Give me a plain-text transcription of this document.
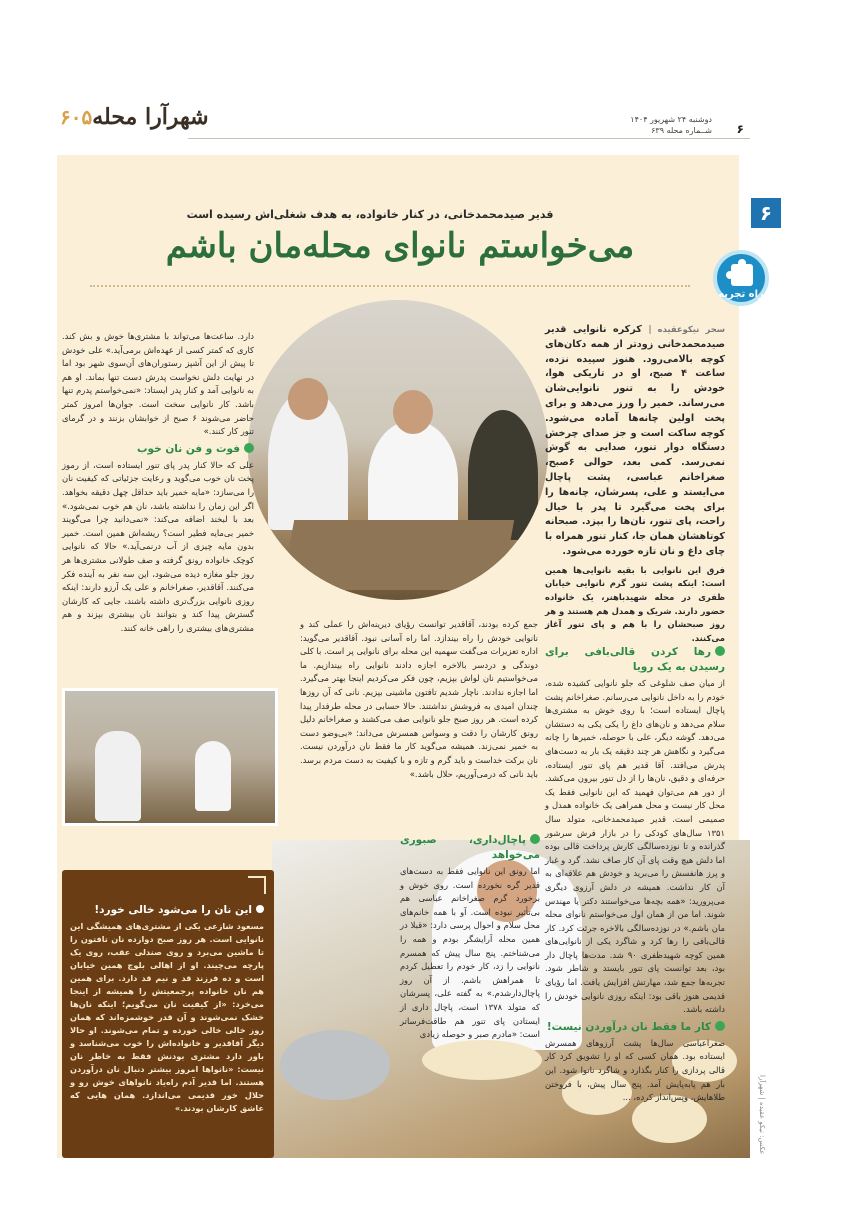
شهرآرا محله۶۰۵	دوشنبه ۲۴ شهریور ۱۴۰۴
شــماره محله ۶۳۹ ۶
۶
راه تجربه
قدیر صیدمحمدخانی، در کنار خانواده، به هدف شغلی‌اش رسیده است
می‌خواستم نانوای محله‌مان باشم

سحر نیکوعقیده | کرکره نانوایی قدیر صیدمحمدخانی زودتر از همه دکان‌های کوچه بالامی‌رود. هنوز سپیده نزده، ساعت ۴ صبح، او در تاریکی هوا، خودش را به تنور نانوایی‌شان می‌رساند. خمیر را ورز می‌دهد و برای پخت اولین چانه‌ها آماده می‌شود. کوچه ساکت است و جز صدای چرخش دستگاه دوار تنور، صدایی به گوش نمی‌رسد. کمی بعد، حوالی ۶صبح، صغراخانم عباسی، پشت پاچال می‌ایستد و علی، پسرشان، چانه‌ها را برای پخت می‌گیرد تا پدر با خیال راحت، پای تنور، نان‌ها را بپزد. صبحانه کوتاهشان همان جا، کنار تنور همراه با چای داغ و نان تازه خورده می‌شود.

فرق این نانوایی با بقیه نانوایی‌ها همین است: اینکه پشت تنور گرم نانوایی خیابان ظفری در محله شهیدباهنر، یک خانواده حضور دارند. شریک و همدل هم هستند و هر روز صبحشان را با هم و پای تنور آغاز می‌کنند.

دارد. ساعت‌ها می‌تواند با مشتری‌ها خوش و بش کند. کاری که کمتر کسی از عهده‌اش برمی‌آید.» علی خودش تا پیش از این آشپز رستوران‌های آن‌سوی شهر بود اما در نهایت دلش نخواست پدرش دست تنها بماند. او هم به نانوایی آمد و کنار پدر ایستاد: «نمی‌خواستم پدرم تنها باشد. کار نانوایی سخت است. جوان‌ها امروز کمتر حاضر می‌شوند ۶ صبح از خوابشان بزنند و در گرمای تنور کار کنند.»

فوت و فن نان خوب

علی که حالا کنار پدر پای تنور ایستاده است، از رموز پخت نان خوب می‌گوید و رعایت جزئیاتی که کیفیت نان را می‌سازد: «مایه خمیر باید حداقل چهل دقیقه بخواهد. اگر این زمان را نداشته باشد، نان هم خوب نمی‌شود.» بعد با لبخند اضافه می‌کند: «نمی‌دانید چرا می‌گویند خمیر بی‌مایه فطیر است؟ ریشه‌اش همین است. خمیر بدون مایه چیزی از آب درنمی‌آید.» حالا که نانوایی کوچک خانواده رونق گرفته و صف طولانی مشتری‌ها هر روز جلو مغازه دیده می‌شود، این سه نفر به آینده فکر می‌کنند. آقاقدیر، صغراخانم و علی یک آرزو دارند: اینکه روزی نانوایی بزرگ‌تری داشته باشند، جایی که کارشان گسترش پیدا کند و بتوانند نان بیشتری بپزند و هم مشتری‌های بیشتری را راهی خانه کنند.

رها کردن قالی‌بافی برای رسیدن به یک رویا

از میان صف شلوغی که جلو نانوایی کشیده شده، خودم را به داخل نانوایی می‌رسانم. صغراخانم پشت پاچال ایستاده است؛ با روی خوش به مشتری‌ها سلام می‌دهد و نان‌های داغ را یکی یکی به دستشان می‌دهد. گوشه دیگر، علی با حوصله، خمیرها را چانه می‌گیرد و نگاهش هر چند دقیقه یک بار به دست‌های پدرش می‌افتد. آقا قدیر هم پای تنور ایستاده، حرفه‌ای و دقیق، نان‌ها را از دل تنور بیرون می‌کشد. از دور هم می‌توان فهمید که این نانوایی فقط یک محل کار نیست و محل همراهی یک خانواده همدل و صمیمی است. قدیر صیدمحمدخانی، متولد سال ۱۳۵۱ سال‌های کودکی را در بازار فرش سرشور گذرانده و تا نوزده‌سالگی کارش پرداخت قالی بوده اما دلش هیچ وقت پای آن کار صاف نشد. گرد و غبار و پرز هانفسش را می‌برید و خودش هم علاقه‌ای به آن کار نداشت. همیشه در دلش آرزوی دیگری می‌پرورید: «همه بچه‌ها می‌خواستند دکتر یا مهندس شوند. اما من از همان اول می‌خواستم نانوای محله مان باشم.» در نوزده‌سالگی بالاخره جرئت کرد. کار قالی‌بافی را رها کرد و شاگرد یکی از نانوایی‌های همین کوچه شهیدظفری ۹۰ شد. مدت‌ها پاچال دار بود، بعد توانست پای تنور بایستد و شاطر شود. تجربه‌ها جمع شد، مهارتش افزایش یافت. اما رؤیای قدیمی هنوز باقی بود: اینکه روزی نانوایی خودش را داشته باشد.

کار ما فقط نان درآوردن نیست!

صغراعباسی سال‌ها پشت آرزوهای همسرش ایستاده بود. همان کسی که او را تشویق کرد کار قالی پردازی را کنار بگذارد و شاگرد نانوا شود. این بار هم پابه‌پایش آمد. پنج سال پیش، با فروختن طلاهایش، وپس‌انداز کرده، ...

جمع کرده بودند، آقاقدیر توانست رؤیای دیرینه‌اش را عملی کند و نانوایی خودش را راه بیندازد. اما راه آسانی نبود. آقاقدیر می‌گوید: اداره تعزیرات می‌گفت سهمیه این محله برای نانوایی پر است. با کلی دوندگی و دردسر بالاخره اجازه دادند نانوایی راه بیندازیم. ما می‌خواستیم نان لواش بپزیم، چون فکر می‌کردیم اینجا بهتر می‌گیرد. اما اجازه ندادند. ناچار شدیم تافتون ماشینی بپزیم. نانی که آن روزها چندان امیدی به فروشش نداشتند. حالا حسابی در محله طرفدار پیدا کرده است. هر روز صبح جلو نانوایی صف می‌کشند و صغراخانم دلیل رونق کارشان را دقت و وسواس همسرش می‌داند: «بی‌وضو دست به خمیر نمی‌زند. همیشه می‌گوید کار ما فقط نان درآوردن نیست. نان برکت خداست و باید گرم و تازه و با کیفیت به دست مردم برسد. باید نانی که درمی‌آوریم، حلال باشد.»

پاچال‌داری، صبوری می‌خواهد

اما رونق این نانوایی فقط به دست‌های قدیر گره نخورده است. روی خوش و برخورد گرم صغراخانم عباسی هم بی‌تأثیر نبوده است. آو با همه خانم‌های محل سلام و احوال پرسی دارد: «قبلا در همین محله آرایشگر بودم و همه را می‌شناختم. پنج سال پیش که همسرم نانوایی را زد، کار خودم را تعطیل کردم تا همراهش باشم. از آن روز پاچال‌دارشدم.» به گفته علی، پسرشان که متولد ۱۳۷۸ است، پاچال داری از ایستادن پای تنور هم طاقت‌فرساتر است: «مادرم صبر و حوصله زیادی

این نان را می‌شود خالی خورد!

مسعود شازعی یکی از مشتری‌های همیشگی این نانوایی است. هر روز صبح دوازده نان تافتون را تا ماشین می‌برد و روی صندلی عقب، روی یک پارچه می‌چیند. او از اهالی بلوچ همین خیابان است و ده فرزند قد و نیم قد دارد. برای همین هم نان خانواده پرجمعیتش را همیشه از اینجا می‌خرد: «از کیفیت نان می‌گویم؛ اینکه نان‌ها خشک نمی‌شوند و آن قدر خوشمزه‌اند که همان روز خالی خالی خورده و تمام می‌شوند. او حالا دیگر آقاقدیر و خانواده‌اش را خوب می‌شناسد و باور دارد مشتری بودنش فقط به خاطر نان نیست: «نانوا‌ها امروز بیشتر دنبال نان درآوردن هستند. اما قدیر آدم راه‌یاد نانواهای خوش رو و حلال خور قدیمی می‌اندازد. همان هایی که عاشق کارشان بودند.»	عکس: نیکو عقیده | شهرآرا
